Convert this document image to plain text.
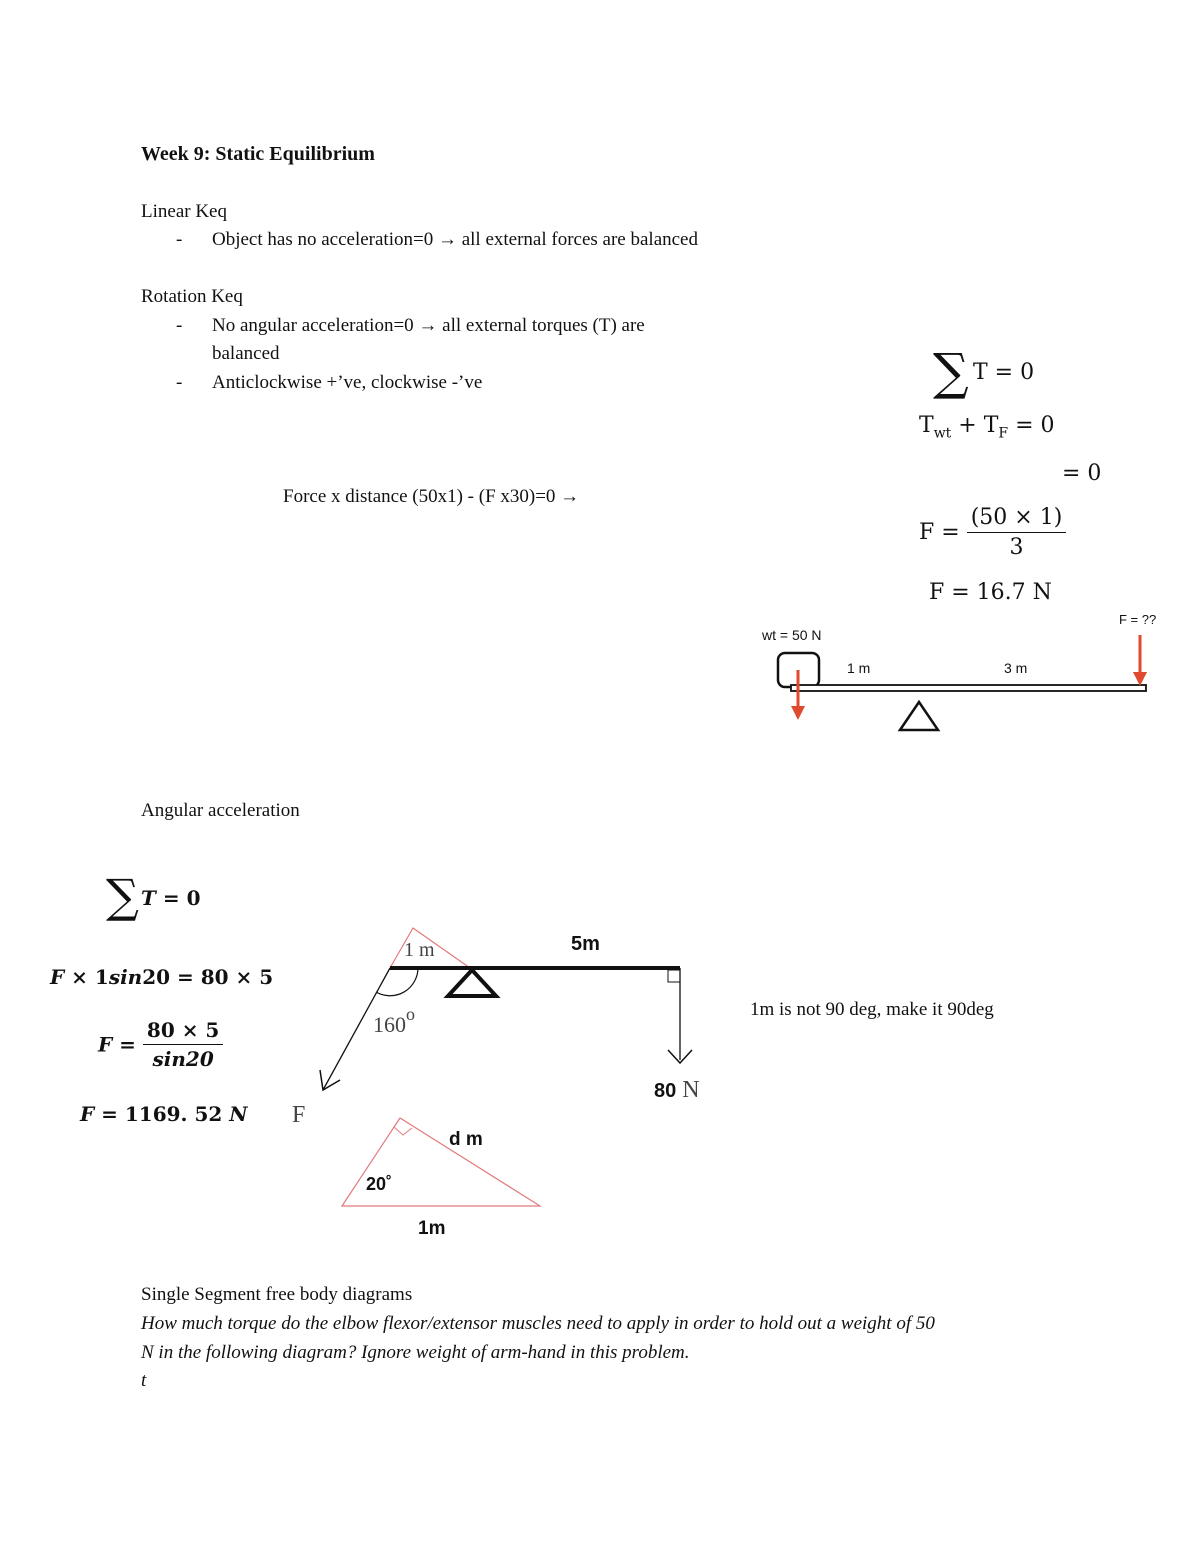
Week 9: Static Equilibrium
Linear Keq
- Object has no acceleration=0 → all external forces are balanced
Rotation Keq
- No angular acceleration=0 → all external torques (T) are
balanced
- Anticlockwise +’ve, clockwise -’ve
Force x distance (50x1) - (F x30)=0 →
∑ T = 0
$T_{wt} + T_F = 0$
= 0
$F = \frac{(50 \times 1)}{3}$
F = 16.7 N
wt = 50 N
1 m	3 m
F = ??
Angular acceleration
∑ T = 0
F × 1sin20 = 80 × 5
$F = \frac{80 \times 5}{\sin 20}$
F = 1169. 52 N
1 m	5m
160$^o$
F
80 N
d m
20˚
1m
1m is not 90 deg, make it 90deg
Single Segment free body diagrams
How much torque do the elbow flexor/extensor muscles need to apply in order to hold out a weight of 50
N in the following diagram? Ignore weight of arm-hand in this problem.
t
